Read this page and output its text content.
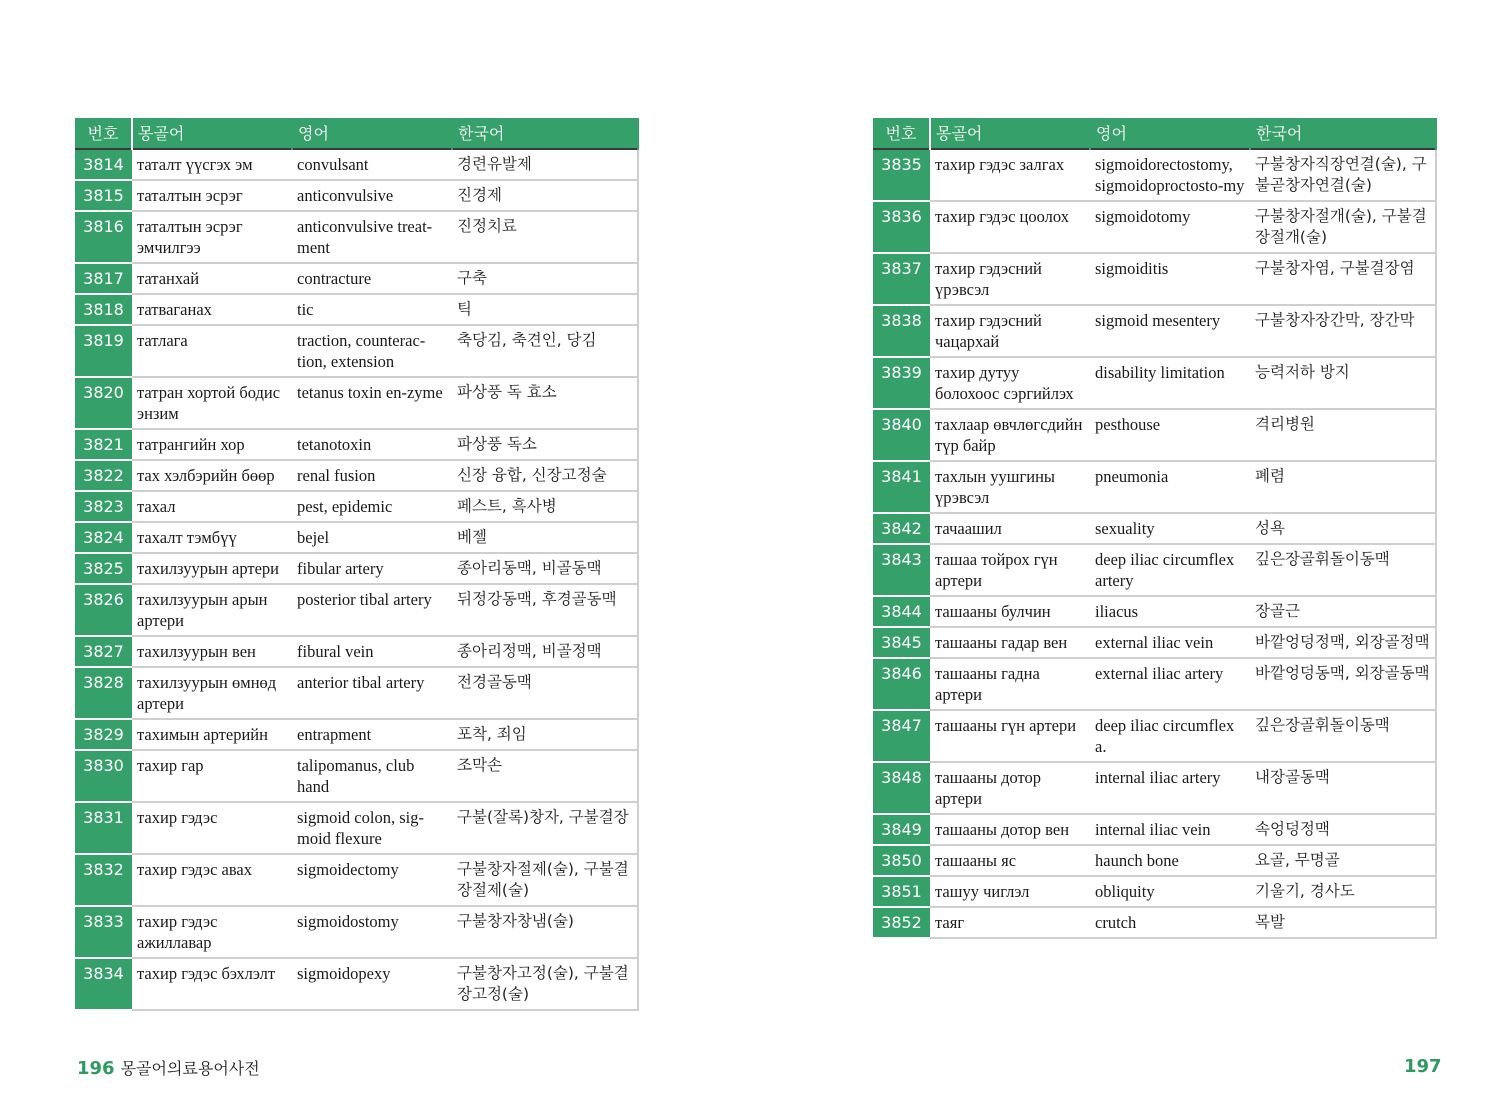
번호	몽골어	영어	한국어
3814	таталт үүсгэх эм	convulsant	경련유발제
3815	таталтын эсрэг	anticonvulsive	진경제
3816	таталтын эсрэг эмчилгээ	anticonvulsive treat-ment	진정치료
3817	татанхай	contracture	구축
3818	татваганах	tic	틱
3819	татлага	traction, counterac-tion, extension	축당김, 축견인, 당김
3820	татран хортой бодис энзим	tetanus toxin en-zyme	파상풍 독 효소
3821	татрангийн хор	tetanotoxin	파상풍 독소
3822	тах хэлбэрийн бөөр	renal fusion	신장 융합, 신장고정술
3823	тахал	pest, epidemic	페스트, 흑사병
3824	тахалт тэмбүү	bejel	베젤
3825	тахилзуурын артери	fibular artery	종아리동맥, 비골동맥
3826	тахилзуурын арын артери	posterior tibal artery	뒤정강동맥, 후경골동맥
3827	тахилзуурын вен	fibural vein	종아리정맥, 비골정맥
3828	тахилзуурын өмнөд артери	anterior tibal artery	전경골동맥
3829	тахимын артерийн	entrapment	포착, 죄임
3830	тахир гар	talipomanus, club hand	조막손
3831	тахир гэдэс	sigmoid colon, sig-moid flexure	구불(잘록)창자, 구불결장
3832	тахир гэдэс авах	sigmoidectomy	구불창자절제(술), 구불결장절제(술)
3833	тахир гэдэс ажиллавар	sigmoidostomy	구불창자창냄(술)
3834	тахир гэдэс бэхлэлт	sigmoidopexy	구불창자고정(술), 구불결장고정(술)
번호	몽골어	영어	한국어
3835	тахир гэдэс залгах	sigmoidorectostomy, sigmoidoproctosto-my	구불창자직장연결(술), 구불곧창자연결(술)
3836	тахир гэдэс цоолох	sigmoidotomy	구불창자절개(술), 구불결장절개(술)
3837	тахир гэдэсний үрэвсэл	sigmoiditis	구불창자염, 구불결장염
3838	тахир гэдэсний чацархай	sigmoid mesentery	구불창자장간막, 장간막
3839	тахир дутуу болохоос сэргийлэх	disability limitation	능력저하 방지
3840	тахлаар өвчлөгсдийн түр байр	pesthouse	격리병원
3841	тахлын уушгины үрэвсэл	pneumonia	폐렴
3842	тачаашил	sexuality	성욕
3843	ташаа тойрох гүн артери	deep iliac circumflex artery	깊은장골휘돌이동맥
3844	ташааны булчин	iliacus	장골근
3845	ташааны гадар вен	external iliac vein	바깥엉덩정맥, 외장골정맥
3846	ташааны гадна артери	external iliac artery	바깥엉덩동맥, 외장골동맥
3847	ташааны гүн артери	deep iliac circumflex a.	깊은장골휘돌이동맥
3848	ташааны дотор артери	internal iliac artery	내장골동맥
3849	ташааны дотор вен	internal iliac vein	속엉덩정맥
3850	ташааны яс	haunch bone	요골, 무명골
3851	ташуу чиглэл	obliquity	기울기, 경사도
3852	таяг	crutch	목발
196 몽골어의료용어사전	197
